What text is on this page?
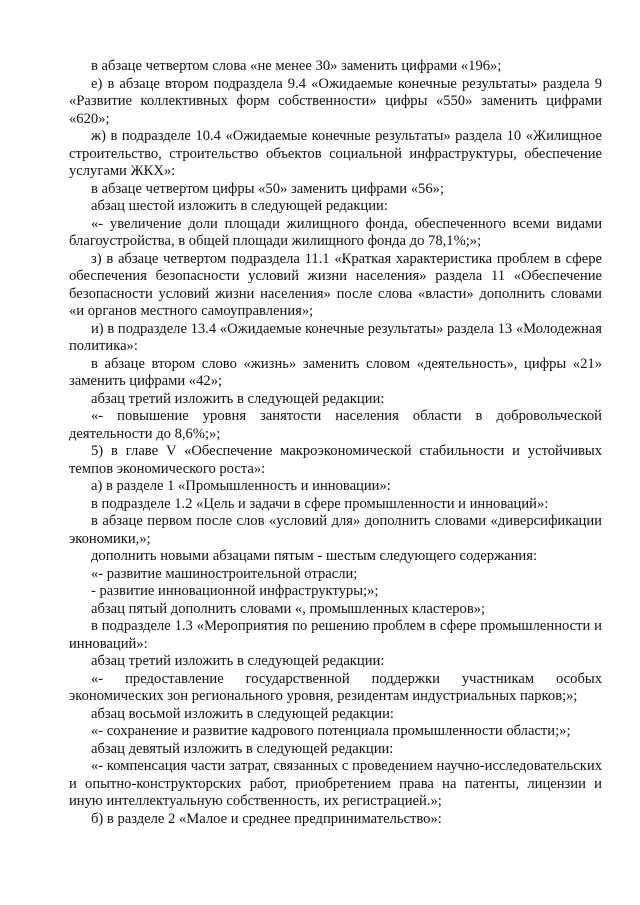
в абзаце четвертом слова «не менее 30» заменить цифрами «196»;

е) в абзаце втором подраздела 9.4 «Ожидаемые конечные результаты» раздела 9 «Развитие коллективных форм собственности» цифры «550» заменить цифрами «620»;

ж) в подразделе 10.4 «Ожидаемые конечные результаты» раздела 10 «Жилищное строительство, строительство объектов социальной инфраструктуры, обеспечение услугами ЖКХ»:

в абзаце четвертом цифры «50» заменить цифрами «56»;

абзац шестой изложить в следующей редакции:

«- увеличение доли площади жилищного фонда, обеспеченного всеми видами благоустройства, в общей площади жилищного фонда до 78,1%;»;

з) в абзаце четвертом подраздела 11.1 «Краткая характеристика проблем в сфере обеспечения безопасности условий жизни населения» раздела 11 «Обеспечение безопасности условий жизни населения» после слова «власти» дополнить словами «и органов местного самоуправления»;

и) в подразделе 13.4 «Ожидаемые конечные результаты» раздела 13 «Молодежная политика»:

в абзаце втором слово «жизнь» заменить словом «деятельность», цифры «21» заменить цифрами «42»;

абзац третий изложить в следующей редакции:

«- повышение уровня занятости населения области в добровольческой деятельности до 8,6%;»;

5) в главе V «Обеспечение макроэкономической стабильности и устойчивых темпов экономического роста»:

а) в разделе 1 «Промышленность и инновации»:

в подразделе 1.2 «Цель и задачи в сфере промышленности и инноваций»:

в абзаце первом после слов «условий для» дополнить словами «диверсификации экономики,»;

дополнить новыми абзацами пятым - шестым следующего содержания:

«- развитие машиностроительной отрасли;

- развитие инновационной инфраструктуры;»;

абзац пятый дополнить словами «, промышленных кластеров»;

в подразделе 1.3 «Мероприятия по решению проблем в сфере промышленности и инноваций»:

абзац третий изложить в следующей редакции:

«- предоставление государственной поддержки участникам особых экономических зон регионального уровня, резидентам индустриальных парков;»;

абзац восьмой изложить в следующей редакции:

«- сохранение и развитие кадрового потенциала промышленности области;»;

абзац девятый изложить в следующей редакции:

«- компенсация части затрат, связанных с проведением научно-исследовательских и опытно-конструкторских работ, приобретением права на патенты, лицензии и иную интеллектуальную собственность, их регистрацией.»;

б) в разделе 2 «Малое и среднее предпринимательство»:
